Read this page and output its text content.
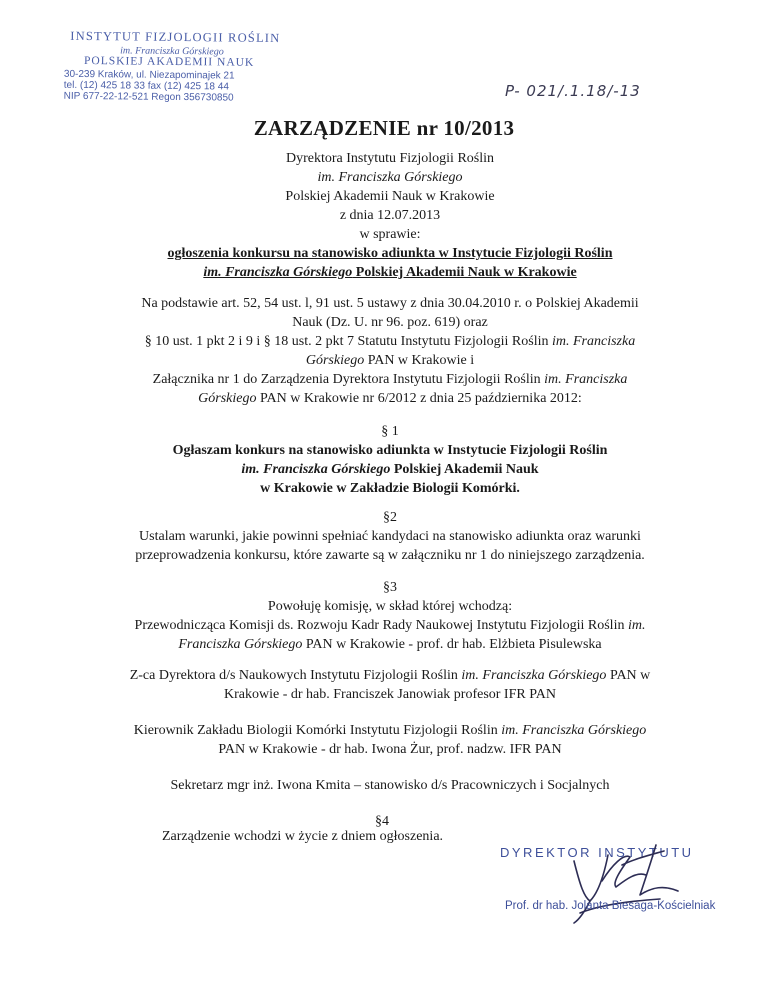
INSTYTUT FIZJOLOGII ROŚLIN
im. Franciszka Górskiego
POLSKIEJ AKADEMII NAUK
30-239 Kraków, ul. Niezapominajek 21
tel. (12) 425 18 33 fax (12) 425 18 44
NIP 677-22-12-521 Regon 356730850	P- 021/.1.18/-13
ZARZĄDZENIE nr 10/2013
Dyrektora Instytutu Fizjologii Roślin
im. Franciszka Górskiego
Polskiej Akademii Nauk w Krakowie
z dnia 12.07.2013
w sprawie:
ogłoszenia konkursu na stanowisko adiunkta w Instytucie Fizjologii Roślin
im. Franciszka Górskiego Polskiej Akademii Nauk w Krakowie
Na podstawie art. 52, 54 ust. l, 91 ust. 5 ustawy z dnia 30.04.2010 r. o Polskiej Akademii
Nauk (Dz. U. nr 96. poz. 619) oraz
§ 10 ust. 1 pkt 2 i 9 i § 18 ust. 2 pkt 7 Statutu Instytutu Fizjologii Roślin im. Franciszka
Górskiego PAN w Krakowie i
Załącznika nr 1 do Zarządzenia Dyrektora Instytutu Fizjologii Roślin im. Franciszka
Górskiego PAN w Krakowie nr 6/2012 z dnia 25 października 2012:
§ 1
Ogłaszam konkurs na stanowisko adiunkta w Instytucie Fizjologii Roślin
im. Franciszka Górskiego Polskiej Akademii Nauk
w Krakowie w Zakładzie Biologii Komórki.
§2
Ustalam warunki, jakie powinni spełniać kandydaci na stanowisko adiunkta oraz warunki
przeprowadzenia konkursu, które zawarte są w załączniku nr 1 do niniejszego zarządzenia.
§3
Powołuję komisję, w skład której wchodzą:
Przewodnicząca Komisji ds. Rozwoju Kadr Rady Naukowej Instytutu Fizjologii Roślin im.
Franciszka Górskiego PAN w Krakowie - prof. dr hab. Elżbieta Pisulewska
Z-ca Dyrektora d/s Naukowych Instytutu Fizjologii Roślin im. Franciszka Górskiego PAN w
Krakowie - dr hab. Franciszek Janowiak profesor IFR PAN
Kierownik Zakładu Biologii Komórki Instytutu Fizjologii Roślin im. Franciszka Górskiego
PAN w Krakowie - dr hab. Iwona Żur, prof. nadzw. IFR PAN
Sekretarz mgr inż. Iwona Kmita – stanowisko d/s Pracowniczych i Socjalnych
§4
Zarządzenie wchodzi w życie z dniem ogłoszenia.
DYREKTOR INSTYTUTU
Prof. dr hab. Jolanta Biesaga-Kościelniak
